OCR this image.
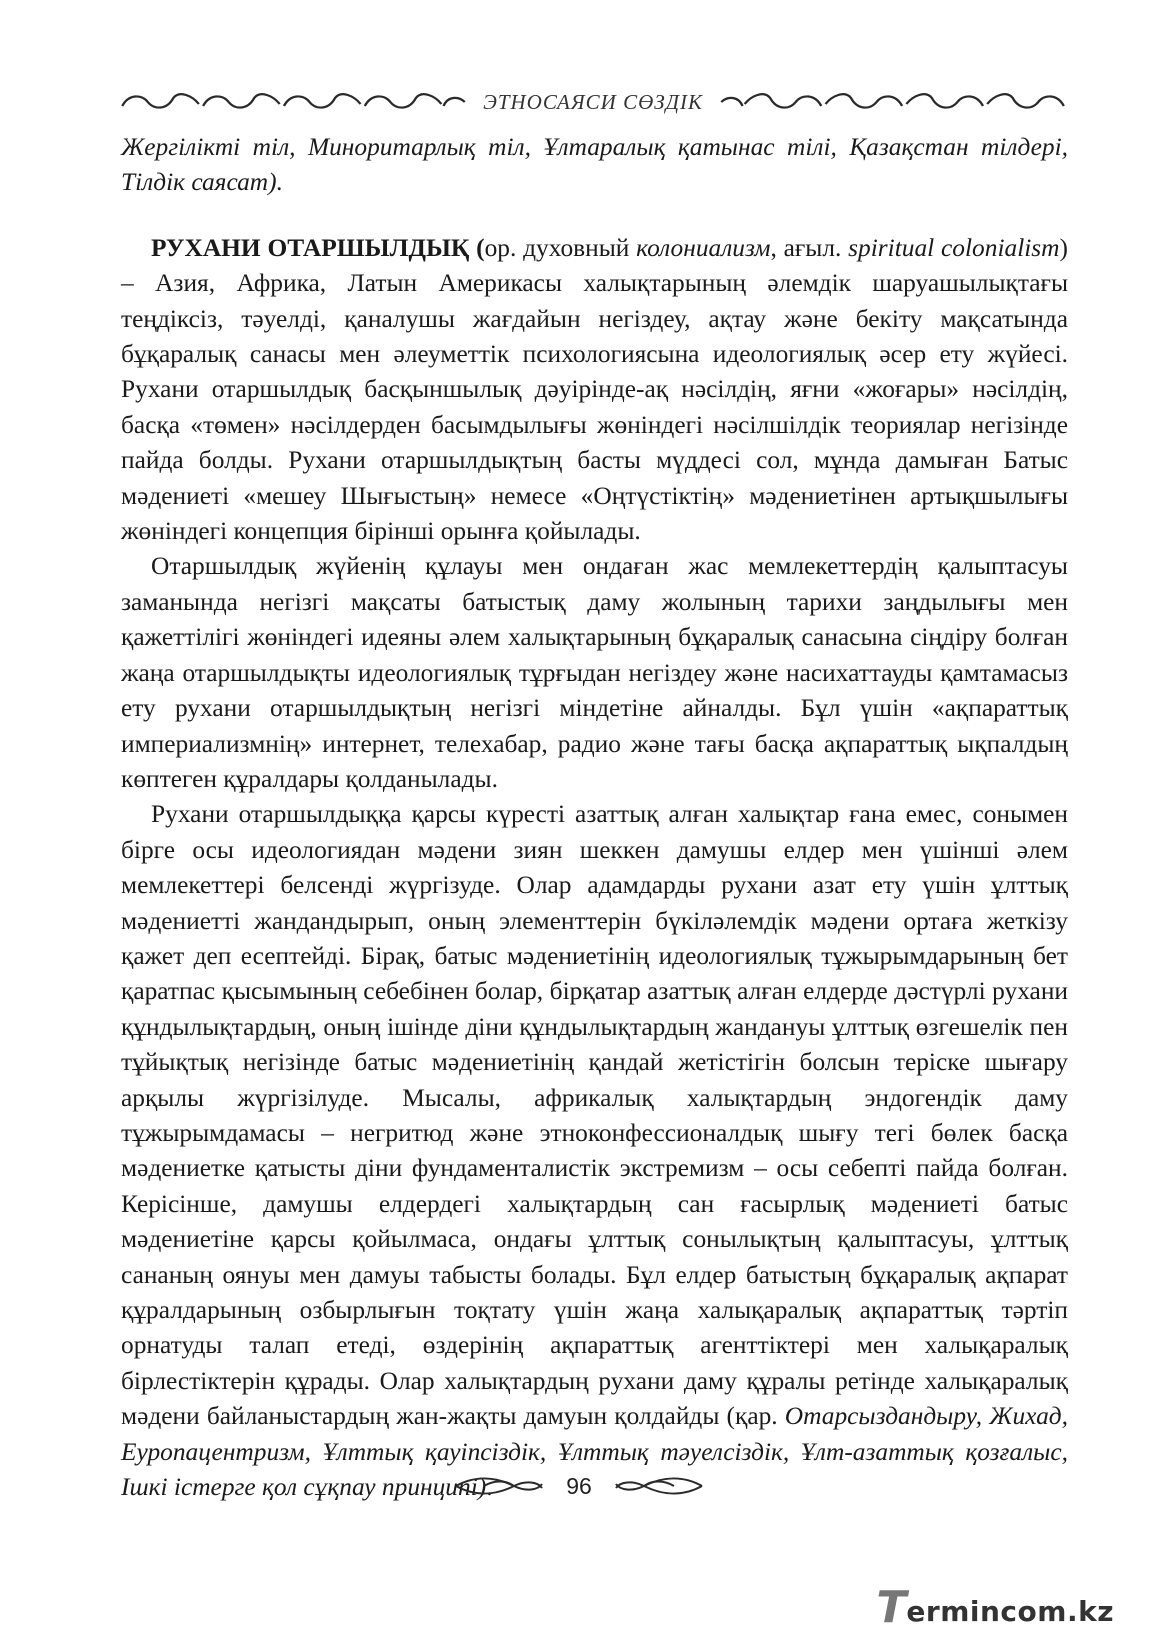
ЭТНОСАЯСИ СӨЗДІК

Жергілікті тіл, Миноритарлық тіл, Ұлтаралық қатынас тілі, Қазақстан тілдері, Тілдік саясат).

РУХАНИ ОТАРШЫЛДЫҚ (ор. духовный колониализм, ағыл. spiritual colonialism) – Азия, Африка, Латын Америкасы халықтарының әлемдік шаруашылықтағы теңдіксіз, тәуелді, қаналушы жағдайын негіздеу, ақтау және бекіту мақсатында бұқаралық санасы мен әлеуметтік психологиясына идеологиялық әсер ету жүйесі. Рухани отаршылдық басқыншылық дәуірінде-ақ нәсілдің, яғни «жоғары» нәсілдің, басқа «төмен» нәсілдерден басымдылығы жөніндегі нәсілшілдік теориялар негізінде пайда болды. Рухани отаршылдықтың басты мүддесі сол, мұнда дамыған Батыс мәдениеті «мешеу Шығыстың» немесе «Оңтүстіктің» мәдениетінен артықшылығы жөніндегі концепция бірінші орынға қойылады.

Отаршылдық жүйенің құлауы мен ондаған жас мемлекеттердің қалыптасуы заманында негізгі мақсаты батыстық даму жолының тарихи заңдылығы мен қажеттілігі жөніндегі идеяны әлем халықтарының бұқаралық санасына сіңдіру болған жаңа отаршылдықты идеологиялық тұрғыдан негіздеу және насихаттауды қамтамасыз ету рухани отаршылдықтың негізгі міндетіне айналды. Бұл үшін «ақпараттық империализмнің» интернет, телехабар, радио және тағы басқа ақпараттық ықпалдың көптеген құралдары қолданылады.

Рухани отаршылдыққа қарсы күресті азаттық алған халықтар ғана емес, сонымен бірге осы идеологиядан мәдени зиян шеккен дамушы елдер мен үшінші әлем мемлекеттері белсенді жүргізуде. Олар адамдарды рухани азат ету үшін ұлттық мәдениетті жандандырып, оның элементтерін бүкіләлемдік мәдени ортаға жеткізу қажет деп есептейді. Бірақ, батыс мәдениетінің идеологиялық тұжырымдарының бет қаратпас қысымының себебінен болар, бірқатар азаттық алған елдерде дәстүрлі рухани құндылықтардың, оның ішінде діни құндылықтардың жандануы ұлттық өзгешелік пен тұйықтық негізінде батыс мәдениетінің қандай жетістігін болсын теріске шығару арқылы жүргізілуде. Мысалы, африкалық халықтардың эндогендік даму тұжырымдамасы – негритюд және этноконфессионалдық шығу тегі бөлек басқа мәдениетке қатысты діни фундаменталистік экстремизм – осы себепті пайда болған. Керісінше, дамушы елдердегі халықтардың сан ғасырлық мәдениеті батыс мәдениетіне қарсы қойылмаса, ондағы ұлттық сонылықтың қалыптасуы, ұлттық сананың оянуы мен дамуы табысты болады. Бұл елдер батыстың бұқаралық ақпарат құралдарының озбырлығын тоқтату үшін жаңа халықаралық ақпараттық тәртіп орнатуды талап етеді, өздерінің ақпараттық агенттіктері мен халықаралық бірлестіктерін құрады. Олар халықтардың рухани даму құралы ретінде халықаралық мәдени байланыстардың жан-жақты дамуын қолдайды (қар. Отарсыздандыру, Жихад, Еуропацентризм, Ұлттық қауіпсіздік, Ұлттық тәуелсіздік, Ұлт-азаттық қозғалыс, Ішкі істерге қол сұқпау принципі).	96
T ermincom.kz
